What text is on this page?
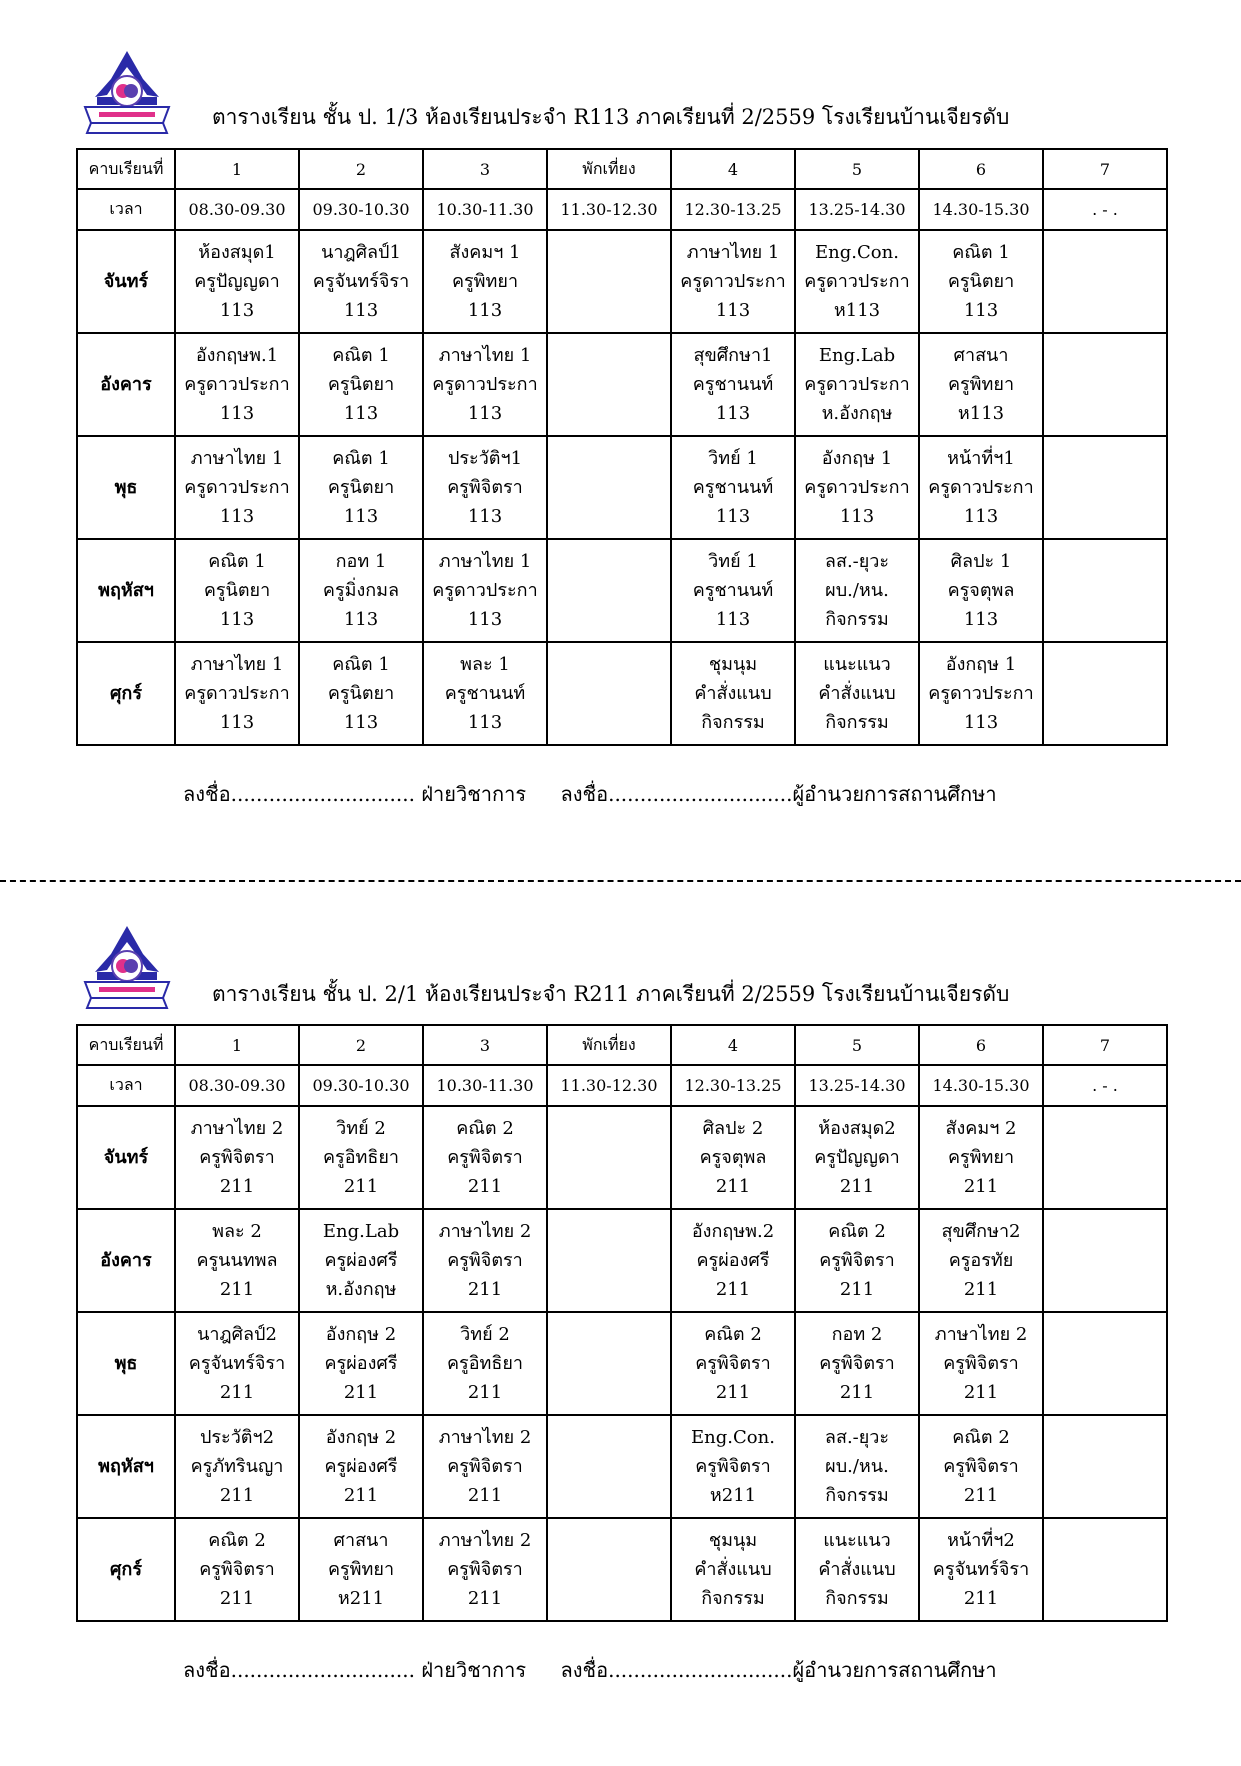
ตารางเรียน ชั้น ป. 1/3 ห้องเรียนประจำ R113 ภาคเรียนที่ 2/2559 โรงเรียนบ้านเจียรดับ
คาบเรียนที่	1	2	3	พักเที่ยง	4	5	6	7
เวลา	08.30-09.30	09.30-10.30	10.30-11.30	11.30-12.30	12.30-13.25	13.25-14.30	14.30-15.30	. - .
จันทร์	ห้องสมุด1
ครูปัญญดา
113	นาฎศิลป์1
ครูจันทร์จิรา
113	สังคมฯ 1
ครูพิทยา
113		ภาษาไทย 1
ครูดาวประกา
113	Eng.Con.
ครูดาวประกา
ห113	คณิต 1
ครูนิตยา
113	

อังคาร	อังกฤษพ.1
ครูดาวประกา
113	คณิต 1
ครูนิตยา
113	ภาษาไทย 1
ครูดาวประกา
113		สุขศึกษา1
ครูชานนท์
113	Eng.Lab
ครูดาวประกา
ห.อังกฤษ	ศาสนา
ครูพิทยา
ห113	

พุธ	ภาษาไทย 1
ครูดาวประกา
113	คณิต 1
ครูนิตยา
113	ประวัติฯ1
ครูพิจิตรา
113		วิทย์ 1
ครูชานนท์
113	อังกฤษ 1
ครูดาวประกา
113	หน้าที่ฯ1
ครูดาวประกา
113	

พฤหัสฯ	คณิต 1
ครูนิตยา
113	กอท 1
ครูมิ่งกมล
113	ภาษาไทย 1
ครูดาวประกา
113		วิทย์ 1
ครูชานนท์
113	ลส.-ยุวะ
ผบ./หน.
กิจกรรม	ศิลปะ 1
ครูจตุพล
113	

ศุกร์	ภาษาไทย 1
ครูดาวประกา
113	คณิต 1
ครูนิตยา
113	พละ 1
ครูชานนท์
113		ชุมนุม
คำสั่งแนบ
กิจกรรม	แนะแนว
คำสั่งแนบ
กิจกรรม	อังกฤษ 1
ครูดาวประกา
113	

ลงชื่อ............................. ฝ่ายวิชาการ ลงชื่อ.............................ผู้อำนวยการสถานศึกษา
ตารางเรียน ชั้น ป. 2/1 ห้องเรียนประจำ R211 ภาคเรียนที่ 2/2559 โรงเรียนบ้านเจียรดับ
คาบเรียนที่	1	2	3	พักเที่ยง	4	5	6	7
เวลา	08.30-09.30	09.30-10.30	10.30-11.30	11.30-12.30	12.30-13.25	13.25-14.30	14.30-15.30	. - .
จันทร์	ภาษาไทย 2
ครูพิจิตรา
211	วิทย์ 2
ครูอิทธิยา
211	คณิต 2
ครูพิจิตรา
211		ศิลปะ 2
ครูจตุพล
211	ห้องสมุด2
ครูปัญญดา
211	สังคมฯ 2
ครูพิทยา
211	

อังคาร	พละ 2
ครูนนทพล
211	Eng.Lab
ครูผ่องศรี
ห.อังกฤษ	ภาษาไทย 2
ครูพิจิตรา
211		อังกฤษพ.2
ครูผ่องศรี
211	คณิต 2
ครูพิจิตรา
211	สุขศึกษา2
ครูอรทัย
211	

พุธ	นาฎศิลป์2
ครูจันทร์จิรา
211	อังกฤษ 2
ครูผ่องศรี
211	วิทย์ 2
ครูอิทธิยา
211		คณิต 2
ครูพิจิตรา
211	กอท 2
ครูพิจิตรา
211	ภาษาไทย 2
ครูพิจิตรา
211	

พฤหัสฯ	ประวัติฯ2
ครูภัทรินญา
211	อังกฤษ 2
ครูผ่องศรี
211	ภาษาไทย 2
ครูพิจิตรา
211		Eng.Con.
ครูพิจิตรา
ห211	ลส.-ยุวะ
ผบ./หน.
กิจกรรม	คณิต 2
ครูพิจิตรา
211	

ศุกร์	คณิต 2
ครูพิจิตรา
211	ศาสนา
ครูพิทยา
ห211	ภาษาไทย 2
ครูพิจิตรา
211		ชุมนุม
คำสั่งแนบ
กิจกรรม	แนะแนว
คำสั่งแนบ
กิจกรรม	หน้าที่ฯ2
ครูจันทร์จิรา
211	

ลงชื่อ............................. ฝ่ายวิชาการ ลงชื่อ.............................ผู้อำนวยการสถานศึกษา
